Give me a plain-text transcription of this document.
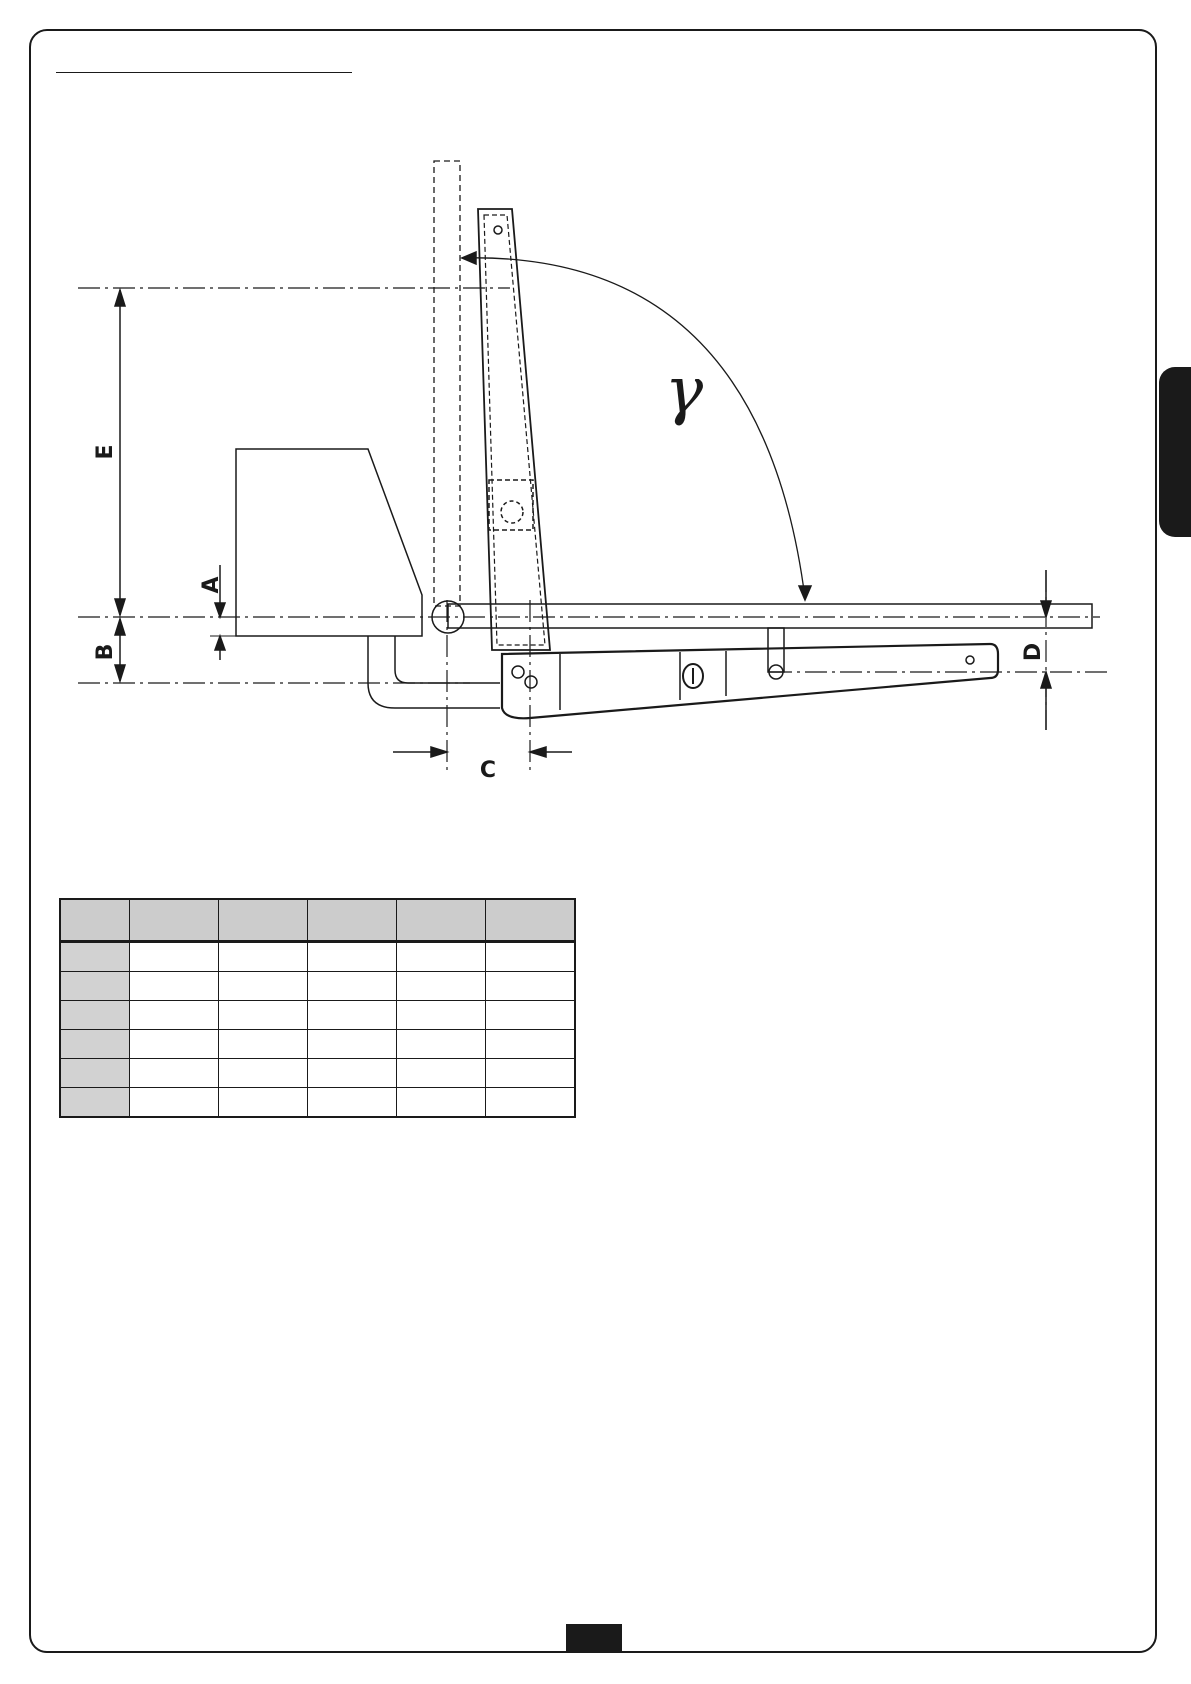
E
B
A
C
D
γ
